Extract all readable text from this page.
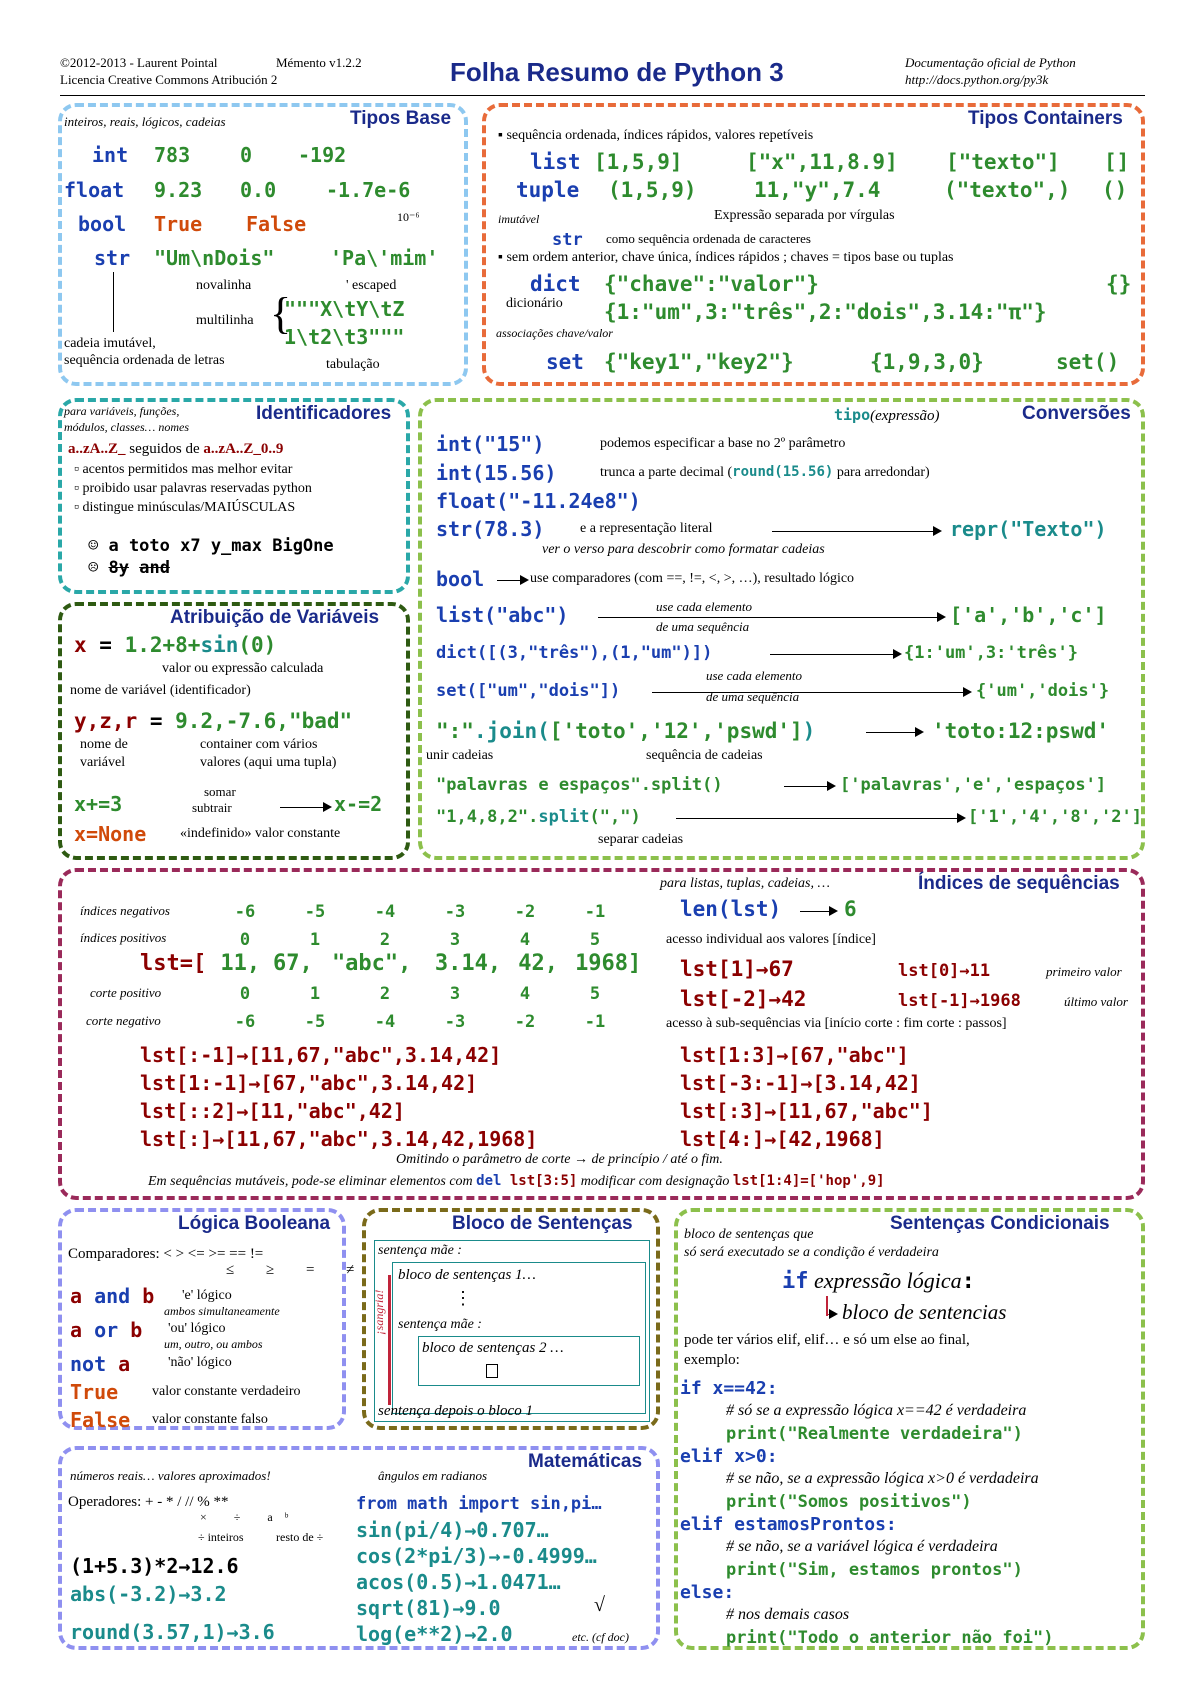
©2012-2013 - Laurent Pointal
Licencia Creative Commons Atribución 2
Mémento v1.2.2	Folha Resumo de Python 3	Documentação oficial de Python
http://docs.python.org/py3k
Tipos Base
inteiros, reais, lógicos, cadeias
int 783 0 -192
float 9.23 0.0 -1.7e-6
10⁻⁶
bool True False
str "Um\nDois"	'Pa\'mim'
novalinha	' escaped
multilinha {
"""X\tY\tZ
1\t2\t3"""
tabulação
cadeia imutável,
sequência ordenada de letras
Tipos Containers
▪ sequência ordenada, índices rápidos, valores repetíveis
list [1,5,9]	["x",11,8.9] ["texto"] []
tuple (1,5,9)	11,"y",7.4	("texto",) ()
imutável	Expressão separada por vírgulas
str como sequência ordenada de caracteres
▪ sem ordem anterior, chave única, índices rápidos ; chaves = tipos base ou tuplas
dict {"chave":"valor"}	{}
dicionário {1:"um",3:"três",2:"dois",3.14:"π"}
associações chave/valor
set {"key1","key2"}	{1,9,3,0}	set()
Identificadores
para variáveis, funções,
módulos, classes… nomes
a..zA..Z_ seguidos de a..zA..Z_0..9
▫ acentos permitidos mas melhor evitar
▫ proibido usar palavras reservadas python
▫ distingue minúsculas/MAIÚSCULAS
☺ a toto x7 y_max BigOne
☹ 8y and
Atribuição de Variáveis
x = 1.2+8+sin(0)
valor ou expressão calculada
nome de variável (identificador)
y,z,r = 9.2,-7.6,"bad"
nome de
variável
container com vários
valores (aqui uma tupla)
x+=3
somar
subtrair	x-=2
x=None «indefinido» valor constante
Conversões
tipo(expressão)
int("15")	podemos especificar a base no 2º parâmetro
int(15.56)	trunca a parte decimal (round(15.56) para arredondar)
float("-11.24e8")
str(78.3)	e a representação literal	repr("Texto")
ver o verso para descobrir como formatar cadeias
bool	use comparadores (com ==, !=, <, >, …), resultado lógico
list("abc")	use cada elemento
de uma sequência	['a','b','c']
dict([(3,"três"),(1,"um")])	{1:'um',3:'três'}
set(["um","dois"])
use cada elemento
de uma sequência	{'um','dois'}
":".join(['toto','12','pswd'])	'toto:12:pswd'
unir cadeias	sequência de cadeias
"palavras e espaços".split()	['palavras','e','espaços']
"1,4,8,2".split(",")	['1','4','8','2']
separar cadeias
Índices de sequências
para listas, tuplas, cadeias, …
índices negativos
índices positivos
corte positivo
corte negativo
-6	-5	-4	-3	-2	-1
0	1	2	3	4	5
lst=[ 11,	67,	"abc",	3.14,	42,	1968]
0	1	2	3	4	5
-6	-5	-4	-3	-2	-1
len(lst)	6
acesso individual aos valores [índice]
lst[1]→67	lst[0]→11	primeiro valor
lst[-2]→42	lst[-1]→1968	último valor
acesso à sub-sequências via [início corte : fim corte : passos]
lst[:-1]→[11,67,"abc",3.14,42]
lst[1:-1]→[67,"abc",3.14,42]
lst[::2]→[11,"abc",42]
lst[:]→[11,67,"abc",3.14,42,1968]
lst[1:3]→[67,"abc"]
lst[-3:-1]→[3.14,42]
lst[:3]→[11,67,"abc"]
lst[4:]→[42,1968]
Omitindo o parâmetro de corte → de princípio / até o fim.
Em sequências mutáveis, pode-se eliminar elementos com del lst[3:5] modificar com designação lst[1:4]=['hop',9]
Lógica Booleana
Comparadores: < > <= >= == !=
≤ ≥ = ≠
a and b 'e' lógico
ambos simultaneamente
a or b 'ou' lógico
um, outro, ou ambos
not a	'não' lógico
True valor constante verdadeiro
False valor constante falso
Bloco de Sentenças
sentença mãe :
bloco de sentenças 1…
⋮
sentença mãe :
bloco de sentenças 2 …
sentença depois o bloco 1
¡sangria!
Sentenças Condicionais
bloco de sentenças que
só será executado se a condição é verdadeira
if expressão lógica:
bloco de sentencias
pode ter vários elif, elif… e só um else ao final,
exemplo:
if x==42:
# só se a expressão lógica x==42 é verdadeira
print("Realmente verdadeira")
elif x>0:
# se não, se a expressão lógica x>0 é verdadeira
print("Somos positivos")
elif estamosProntos:
# se não, se a variável lógica é verdadeira
print("Sim, estamos prontos")
else:
# nos demais casos
print("Todo o anterior não foi")
Matemáticas
números reais… valores aproximados!	ângulos em radianos
Operadores: + - * / // % **
× ÷ aᵇ
÷ inteiros	resto de ÷
(1+5.3)*2→12.6
abs(-3.2)→3.2
round(3.57,1)→3.6
from math import sin,pi…
sin(pi/4)→0.707…
cos(2*pi/3)→-0.4999…
acos(0.5)→1.0471…
sqrt(81)→9.0	√
log(e**2)→2.0	etc. (cf doc)
